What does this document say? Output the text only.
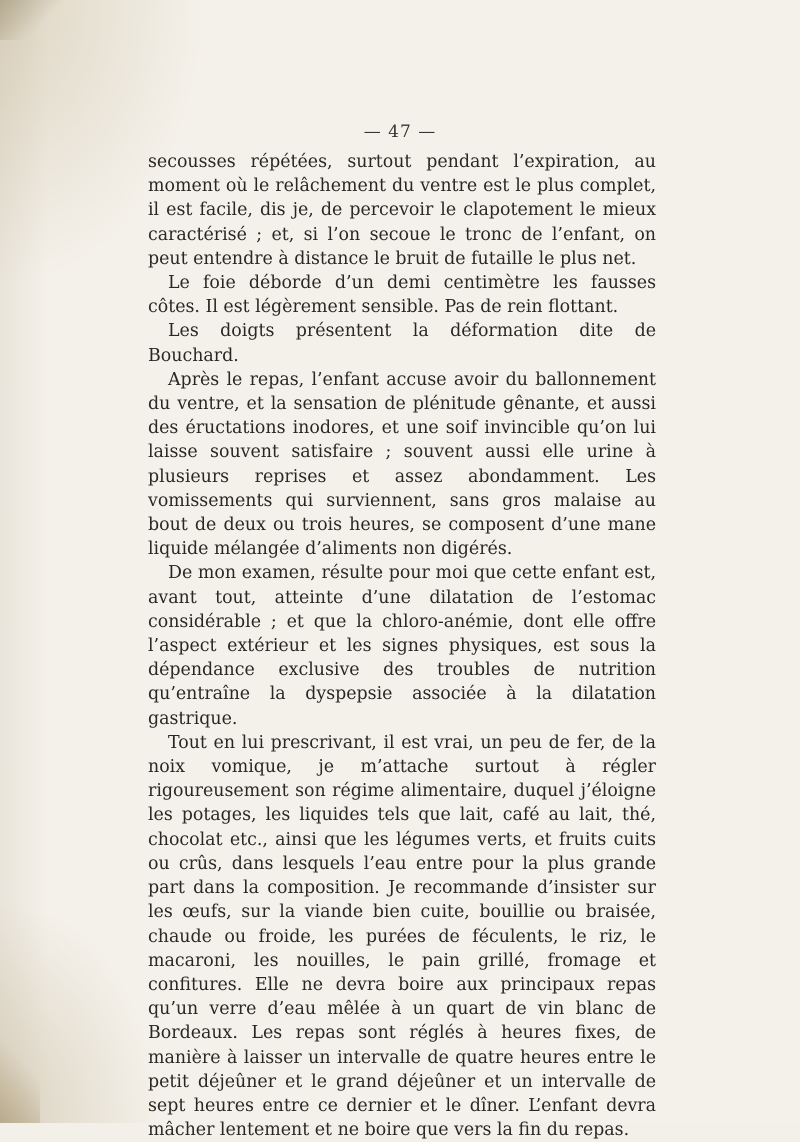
— 47 —

secousses répétées, surtout pendant l’expiration, au moment où le relâchement du ventre est le plus complet, il est facile, dis je, de percevoir le clapotement le mieux caractérisé ; et, si l’on secoue le tronc de l’enfant, on peut entendre à distance le bruit de futaille le plus net.

Le foie déborde d’un demi centimètre les fausses côtes. Il est légèrement sensible. Pas de rein flottant.

Les doigts présentent la déformation dite de Bouchard.

Après le repas, l’enfant accuse avoir du ballonnement du ventre, et la sensation de plénitude gênante, et aussi des éructations inodores, et une soif invincible qu’on lui laisse souvent satisfaire ; souvent aussi elle urine à plusieurs reprises et assez abondamment. Les vomissements qui surviennent, sans gros malaise au bout de deux ou trois heures, se composent d’une mane liquide mélangée d’aliments non digérés.

De mon examen, résulte pour moi que cette enfant est, avant tout, atteinte d’une dilatation de l’estomac considérable ; et que la chloro-anémie, dont elle offre l’aspect extérieur et les signes physiques, est sous la dépendance exclusive des troubles de nutrition qu’entraîne la dyspepsie associée à la dilatation gastrique.

Tout en lui prescrivant, il est vrai, un peu de fer, de la noix vomique, je m’attache surtout à régler rigoureusement son régime alimentaire, duquel j’éloigne les potages, les liquides tels que lait, café au lait, thé, chocolat etc., ainsi que les légumes verts, et fruits cuits ou crûs, dans lesquels l’eau entre pour la plus grande part dans la composition. Je recommande d’insister sur les œufs, sur la viande bien cuite, bouillie ou braisée, chaude ou froide, les purées de féculents, le riz, le macaroni, les nouilles, le pain grillé, fromage et confitures. Elle ne devra boire aux principaux repas qu’un verre d’eau mêlée à un quart de vin blanc de Bordeaux. Les repas sont réglés à heures fixes, de manière à laisser un intervalle de quatre heures entre le petit déjeûner et le grand déjeûner et un intervalle de sept heures entre ce dernier et le dîner. L’enfant devra mâcher lentement et ne boire que vers la fin du repas.
